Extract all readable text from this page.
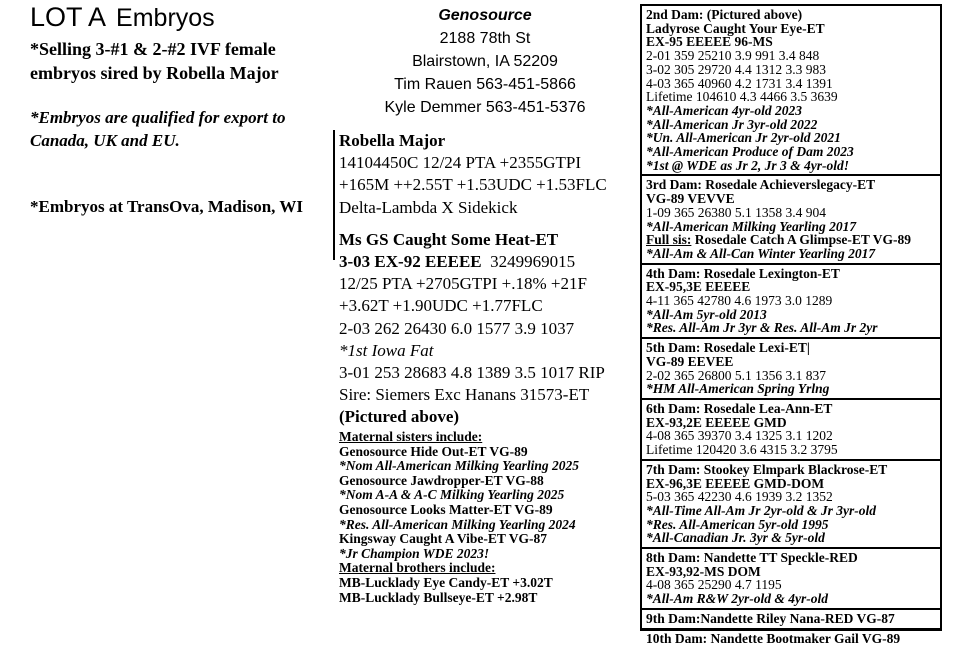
LOT A Embryos
*Selling 3-#1 & 2-#2 IVF female
embryos sired by Robella Major
*Embryos are qualified for export to
Canada, UK and EU.
*Embryos at TransOva, Madison, WI
Genosource
2188 78th St
Blairstown, IA 52209
Tim Rauen 563-451-5866
Kyle Demmer 563-451-5376
Robella Major
14104450C 12/24 PTA +2355GTPI
+165M ++2.55T +1.53UDC +1.53FLC
Delta-Lambda X Sidekick
Ms GS Caught Some Heat-ET
3-03 EX-92 EEEEE 3249969015
12/25 PTA +2705GTPI +.18% +21F
+3.62T +1.90UDC +1.77FLC
2-03 262 26430 6.0 1577 3.9 1037
*1st Iowa Fat
3-01 253 28683 4.8 1389 3.5 1017 RIP
Sire: Siemers Exc Hanans 31573-ET
(Pictured above)
Maternal sisters include:
Genosource Hide Out-ET VG-89
*Nom All-American Milking Yearling 2025
Genosource Jawdropper-ET VG-88
*Nom A-A & A-C Milking Yearling 2025
Genosource Looks Matter-ET VG-89
*Res. All-American Milking Yearling 2024
Kingsway Caught A Vibe-ET VG-87
*Jr Champion WDE 2023!
Maternal brothers include:
MB-Lucklady Eye Candy-ET +3.02T
MB-Lucklady Bullseye-ET +2.98T
2nd Dam: (Pictured above)
Ladyrose Caught Your Eye-ET
EX-95 EEEEE 96-MS
2-01 359 25210 3.9 991 3.4 848
3-02 305 29720 4.4 1312 3.3 983
4-03 365 40960 4.2 1731 3.4 1391
Lifetime 104610 4.3 4466 3.5 3639
*All-American 4yr-old 2023
*All-American Jr 3yr-old 2022
*Un. All-American Jr 2yr-old 2021
*All-American Produce of Dam 2023
*1st @ WDE as Jr 2, Jr 3 & 4yr-old!
3rd Dam: Rosedale Achieverslegacy-ET
VG-89 VEVVE
1-09 365 26380 5.1 1358 3.4 904
*All-American Milking Yearling 2017
Full sis: Rosedale Catch A Glimpse-ET VG-89
*All-Am & All-Can Winter Yearling 2017
4th Dam: Rosedale Lexington-ET
EX-95,3E EEEEE
4-11 365 42780 4.6 1973 3.0 1289
*All-Am 5yr-old 2013
*Res. All-Am Jr 3yr & Res. All-Am Jr 2yr
5th Dam: Rosedale Lexi-ET|
VG-89 EEVEE
2-02 365 26800 5.1 1356 3.1 837
*HM All-American Spring Yrlng
6th Dam: Rosedale Lea-Ann-ET
EX-93,2E EEEEE GMD
4-08 365 39370 3.4 1325 3.1 1202
Lifetime 120420 3.6 4315 3.2 3795
7th Dam: Stookey Elmpark Blackrose-ET
EX-96,3E EEEEE GMD-DOM
5-03 365 42230 4.6 1939 3.2 1352
*All-Time All-Am Jr 2yr-old & Jr 3yr-old
*Res. All-American 5yr-old 1995
*All-Canadian Jr. 3yr & 5yr-old
8th Dam: Nandette TT Speckle-RED
EX-93,92-MS DOM
4-08 365 25290 4.7 1195
*All-Am R&W 2yr-old & 4yr-old
9th Dam:Nandette Riley Nana-RED VG-87
10th Dam: Nandette Bootmaker Gail VG-89
